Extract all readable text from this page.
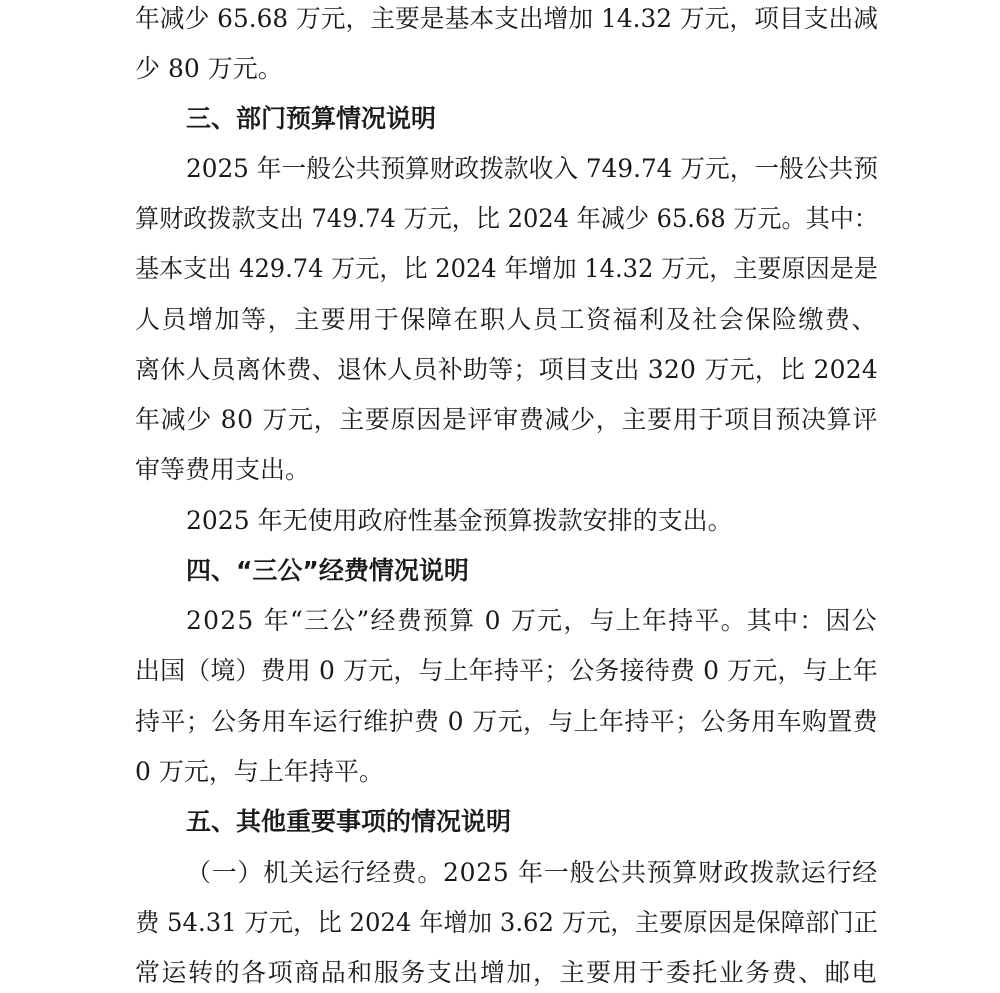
年减少 65.68 万元，主要是基本支出增加 14.32 万元，项目支出减
少 80 万元。
三、部门预算情况说明
2025 年一般公共预算财政拨款收入 749.74 万元，一般公共预
算财政拨款支出 749.74 万元，比 2024 年减少 65.68 万元。其中：
基本支出 429.74 万元，比 2024 年增加 14.32 万元，主要原因是是
人员增加等，主要用于保障在职人员工资福利及社会保险缴费、
离休人员离休费、退休人员补助等；项目支出 320 万元，比 2024
年减少 80 万元，主要原因是评审费减少，主要用于项目预决算评
审等费用支出。
2025 年无使用政府性基金预算拨款安排的支出。
四、“三公”经费情况说明
2025 年“三公”经费预算 0 万元，与上年持平。其中：因公
出国（境）费用 0 万元，与上年持平；公务接待费 0 万元，与上年
持平；公务用车运行维护费 0 万元，与上年持平；公务用车购置费
0 万元，与上年持平。
五、其他重要事项的情况说明
（一）机关运行经费。2025 年一般公共预算财政拨款运行经
费 54.31 万元，比 2024 年增加 3.62 万元，主要原因是保障部门正
常运转的各项商品和服务支出增加，主要用于委托业务费、邮电
